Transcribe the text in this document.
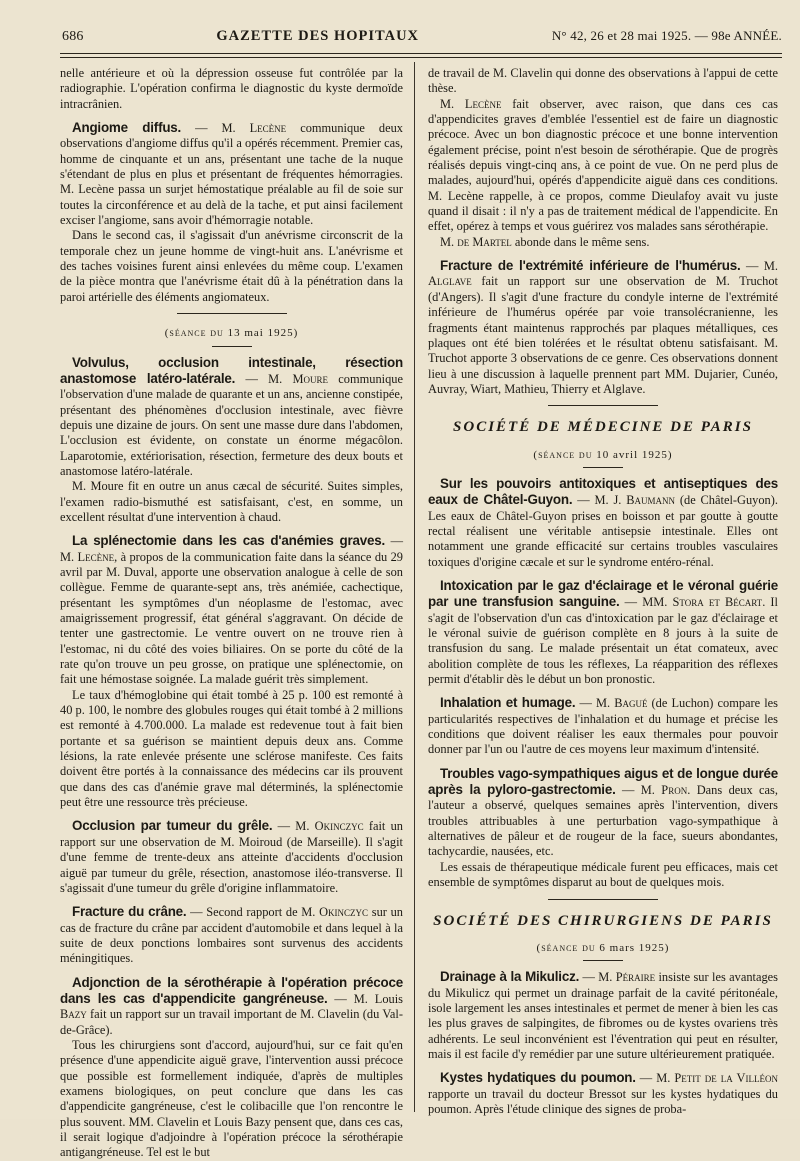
686	GAZETTE DES HOPITAUX	N° 42, 26 et 28 mai 1925. — 98e ANNÉE.

nelle antérieure et où la dépression osseuse fut contrôlée par la radiographie. L'opération confirma le diagnostic du kyste dermoïde intracrânien.

Angiome diffus. — M. Lecène communique deux observations d'angiome diffus qu'il a opérés récemment. Premier cas, homme de cinquante et un ans, présentant une tache de la nuque s'étendant de plus en plus et présentant de fréquentes hémorragies. M. Lecène passa un surjet hémostatique préalable au fil de soie sur toutes la circonférence et au delà de la tache, et put ainsi facilement exciser l'angiome, sans avoir d'hémorragie notable.

Dans le second cas, il s'agissait d'un anévrisme circonscrit de la temporale chez un jeune homme de vingt-huit ans. L'anévrisme et des taches voisines furent ainsi enlevées du même coup. L'examen de la pièce montra que l'anévrisme était dû à la pénétration dans la paroi artérielle des éléments angiomateux.

(séance du 13 mai 1925)

Volvulus, occlusion intestinale, résection anastomose latéro-latérale. — M. Moure communique l'observation d'une malade de quarante et un ans, ancienne constipée, présentant des phénomènes d'occlusion intestinale, avec fièvre depuis une dizaine de jours. On sent une masse dure dans l'abdomen, L'occlusion est évidente, on constate un énorme mégacôlon. Laparotomie, extériorisation, résection, fermeture des deux bouts et anastomose latéro-latérale.

M. Moure fit en outre un anus cæcal de sécurité. Suites simples, l'examen radio-bismuthé est satisfaisant, c'est, en somme, un excellent résultat d'une intervention à chaud.

La splénectomie dans les cas d'anémies graves. — M. Lecène, à propos de la communication faite dans la séance du 29 avril par M. Duval, apporte une observation analogue à celle de son collègue. Femme de quarante-sept ans, très anémiée, cachectique, présentant les symptômes d'un néoplasme de l'estomac, avec amaigrissement progressif, état général s'aggravant. On décide de tenter une gastrectomie. Le ventre ouvert on ne trouve rien à l'estomac, ni du côté des voies biliaires. On se porte du côté de la rate qu'on trouve un peu grosse, on pratique une splénectomie, on fait une hémostase soignée. La malade guérit très simplement.

Le taux d'hémoglobine qui était tombé à 25 p. 100 est remonté à 40 p. 100, le nombre des globules rouges qui était tombé à 2 millions est remonté à 4.700.000. La malade est redevenue tout à fait bien portante et sa guérison se maintient depuis deux ans. Comme lésions, la rate enlevée présente une sclérose manifeste. Ces faits doivent être portés à la connaissance des médecins car ils prouvent que dans des cas d'anémie grave mal déterminés, la splénectomie peut être une ressource très précieuse.

Occlusion par tumeur du grêle. — M. Okinczyc fait un rapport sur une observation de M. Moiroud (de Marseille). Il s'agit d'une femme de trente-deux ans atteinte d'accidents d'occlusion aiguë par tumeur du grêle, résection, anastomose iléo-transverse. Il s'agissait d'une tumeur du grêle d'origine inflammatoire.

Fracture du crâne. — Second rapport de M. Okinczyc sur un cas de fracture du crâne par accident d'automobile et dans lequel à la suite de deux ponctions lombaires sont survenus des accidents méningitiques.

Adjonction de la sérothérapie à l'opération précoce dans les cas d'appendicite gangréneuse. — M. Louis Bazy fait un rapport sur un travail important de M. Clavelin (du Val-de-Grâce).

Tous les chirurgiens sont d'accord, aujourd'hui, sur ce fait qu'en présence d'une appendicite aiguë grave, l'intervention aussi précoce que possible est formellement indiquée, d'après de multiples examens biologiques, on peut conclure que dans les cas d'appendicite gangréneuse, c'est le colibacille que l'on rencontre le plus souvent. MM. Clavelin et Louis Bazy pensent que, dans ces cas, il serait logique d'adjoindre à l'opération précoce la sérothérapie antigangréneuse. Tel est le but

de travail de M. Clavelin qui donne des observations à l'appui de cette thèse.

M. Lecène fait observer, avec raison, que dans ces cas d'appendicites graves d'emblée l'essentiel est de faire un diagnostic précoce. Avec un bon diagnostic précoce et une bonne intervention également précise, point n'est besoin de sérothérapie. Que de progrès réalisés depuis vingt-cinq ans, à ce point de vue. On ne perd plus de malades, aujourd'hui, opérés d'appendicite aiguë dans ces conditions. M. Lecène rappelle, à ce propos, comme Dieulafoy avait vu juste quand il disait : il n'y a pas de traitement médical de l'appendicite. En effet, opérez à temps et vous guérirez vos malades sans sérothérapie.

M. de Martel abonde dans le même sens.

Fracture de l'extrémité inférieure de l'humérus. — M. Alglave fait un rapport sur une observation de M. Truchot (d'Angers). Il s'agit d'une fracture du condyle interne de l'extrémité inférieure de l'humérus opérée par voie transolécranienne, les fragments étant maintenus rapprochés par plaques métalliques, ces plaques ont été bien tolérées et le résultat obtenu satisfaisant. M. Truchot apporte 3 observations de ce genre. Ces observations donnent lieu à une discussion à laquelle prennent part MM. Dujarier, Cunéo, Auvray, Wiart, Mathieu, Thierry et Alglave.

SOCIÉTÉ DE MÉDECINE DE PARIS

(séance du 10 avril 1925)

Sur les pouvoirs antitoxiques et antiseptiques des eaux de Châtel-Guyon. — M. J. Baumann (de Châtel-Guyon). Les eaux de Châtel-Guyon prises en boisson et par goutte à goutte rectal réalisent une véritable antisepsie intestinale. Elles ont notamment une grande efficacité sur certains troubles vasculaires toxiques d'origine cæcale et sur le syndrome entéro-rénal.

Intoxication par le gaz d'éclairage et le véronal guérie par une transfusion sanguine. — MM. Stora et Bécart. Il s'agit de l'observation d'un cas d'intoxication par le gaz d'éclairage et le véronal suivie de guérison complète en 8 jours à la suite de transfusion du sang. Le malade présentait un état comateux, avec abolition complète de tous les réflexes, La réapparition des réflexes permit d'établir dès le début un bon pronostic.

Inhalation et humage. — M. Bagué (de Luchon) compare les particularités respectives de l'inhalation et du humage et précise les conditions que doivent réaliser les eaux thermales pour pouvoir donner par l'un ou l'autre de ces moyens leur maximum d'intensité.

Troubles vago-sympathiques aigus et de longue durée après la pyloro-gastrectomie. — M. Pron. Dans deux cas, l'auteur a observé, quelques semaines après l'intervention, divers troubles attribuables à une perturbation vago-sympathique à alternatives de pâleur et de rougeur de la face, sueurs abondantes, tachycardie, nausées, etc.

Les essais de thérapeutique médicale furent peu efficaces, mais cet ensemble de symptômes disparut au bout de quelques mois.

SOCIÉTÉ DES CHIRURGIENS DE PARIS

(séance du 6 mars 1925)

Drainage à la Mikulicz. — M. Péraire insiste sur les avantages du Mikulicz qui permet un drainage parfait de la cavité péritonéale, isole largement les anses intestinales et permet de mener à bien les cas les plus graves de salpingites, de fibromes ou de kystes ovariens très adhérents. Le seul inconvénient est l'éventration qui peut en résulter, mais il est facile d'y remédier par une suture ultérieurement pratiquée.

Kystes hydatiques du poumon. — M. Petit de la Villéon rapporte un travail du docteur Bressot sur les kystes hydatiques du poumon. Après l'étude clinique des signes de proba-
